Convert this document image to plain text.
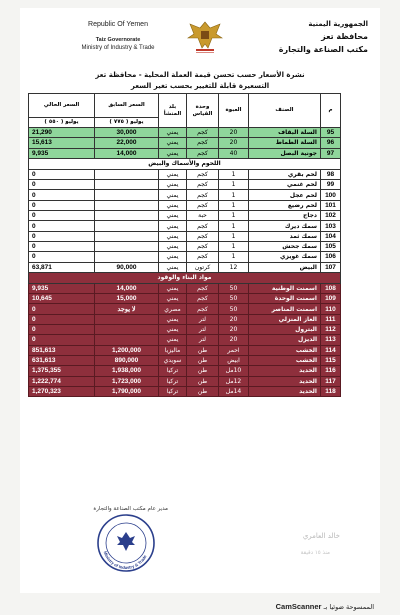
Republic Of Yemen
Taiz Governorate
Ministry of Industry & Trade
الجمهورية اليمنية
محافظة تعز
مكتب الصناعة والتجارة
نشرة الأسعار حسب تحسن قيمة العملة المحلية - محافظة تعز
التسعيرة قابلة للتغيير بحسب تغير السعر
م	الصنف	العبوة	وحدة القياس	بلد المنشأ	السعر السابق	السعر الحالي
					يوليو ( ٧٧٥ )	يوليو ( ٥٥٠ )
95	السلة البقاف	20	كجم	يمني	30,000	21,290
96	السلة الطماط	20	كجم	يمني	22,000	15,613
97	جونية البصل	40	كجم	يمني	14,000	9,935
اللحوم والأسماك والبيض						
98	لحم بقري	1	كجم	يمني		0
99	لحم غنمي	1	كجم	يمني		0
100	لحم عجل	1	كجم	يمني		0
101	لحم رضيع	1	كجم	يمني		0
102	دجاج	1	حبة	يمني		0
103	سمك ديرك	1	كجم	يمني		0
104	سمك ثمد	1	كجم	يمني		0
105	سمك جحش	1	كجم	يمني		0
106	سمك غويزي	1	كجم	يمني		0
107	البيض	12	كرتون	يمني	90,000	63,871
مواد البناء والوقود						
108	اسمنت الوطنية	50	كجم	يمني	14,000	9,935
109	اسمنت الوحدة	50	كجم	يمني	15,000	10,645
110	اسمنت المناصر	50	كجم	مصري	لا يوجد	0
111	الغاز المنزلي	20	لتر	يمني		0
112	البترول	20	لتر	يمني		0
113	الديزل	20	لتر	يمني		0
114	الخشب	احمر	طن	ماليزيا	1,200,000	851,613
115	الخشب	ابيض	طن	سويدي	890,000	631,613
116	الحديد	10مل	طن	تركيا	1,938,000	1,375,355
117	الحديد	12مل	طن	تركيا	1,723,000	1,222,774
118	الحديد	14مل	طن	تركيا	1,790,000	1,270,323
مدير عام مكتب الصناعة والتجارة
Ministry of Industry & Trade
خالد العامري
منذ ١٥ دقيقة
الممسوحة ضوئيا بـ CamScanner
